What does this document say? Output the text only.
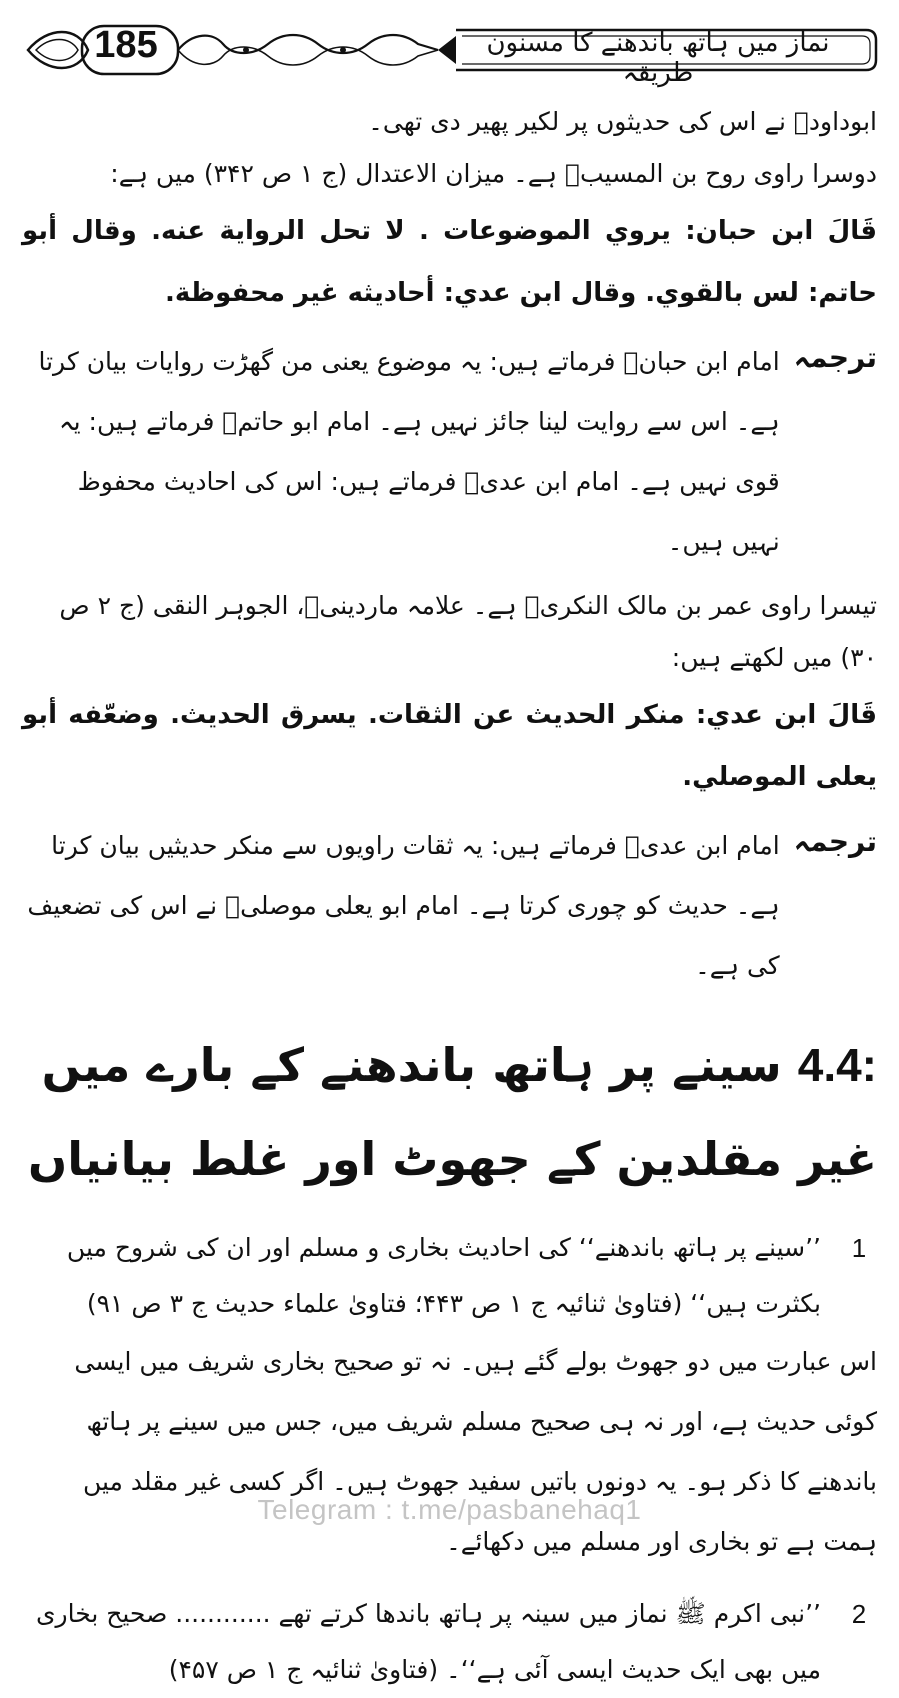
185	نماز میں ہاتھ باندھنے کا مسنون طریقہ
ابوداودؒ نے اس کی حدیثوں پر لکیر پھیر دی تھی۔
دوسرا راوی روح بن المسیبؒ ہے۔ میزان الاعتدال (ج ۱ ص ۳۴۲) میں ہے:
قَالَ ابن حبان: يروي الموضوعات . لا تحل الرواية عنه. وقال أبو حاتم: لس بالقوي. وقال ابن عدي: أحاديثه غير محفوظة.
ترجمہ
امام ابن حبانؒ فرماتے ہیں: یہ موضوع یعنی من گھڑت روایات بیان کرتا ہے۔ اس سے روایت لینا جائز نہیں ہے۔ امام ابو حاتمؒ فرماتے ہیں: یہ قوی نہیں ہے۔ امام ابن عدیؒ فرماتے ہیں: اس کی احادیث محفوظ نہیں ہیں۔
تیسرا راوی عمر بن مالک النکریؒ ہے۔ علامہ ماردینیؒ، الجوہر النقی (ج ۲ ص ۳۰) میں لکھتے ہیں:
قَالَ ابن عدي: منكر الحديث عن الثقات. يسرق الحديث. وضعّفه أبو يعلى الموصلي.
ترجمہ
امام ابن عدیؒ فرماتے ہیں: یہ ثقات راویوں سے منکر حدیثیں بیان کرتا ہے۔ حدیث کو چوری کرتا ہے۔ امام ابو یعلی موصلیؒ نے اس کی تضعیف کی ہے۔
4.4: سینے پر ہاتھ باندھنے کے بارے میں غیر مقلدین کے جھوٹ اور غلط بیانیاں
1
’’سینے پر ہاتھ باندھنے‘‘ کی احادیث بخاری و مسلم اور ان کی شروح میں بکثرت ہیں‘‘ (فتاویٰ ثنائیہ ج ۱ ص ۴۴۳؛ فتاویٰ علماء حدیث ج ۳ ص ۹۱)
اس عبارت میں دو جھوٹ بولے گئے ہیں۔ نہ تو صحیح بخاری شریف میں ایسی کوئی حدیث ہے، اور نہ ہی صحیح مسلم شریف میں، جس میں سینے پر ہاتھ باندھنے کا ذکر ہو۔ یہ دونوں باتیں سفید جھوٹ ہیں۔ اگر کسی غیر مقلد میں ہمت ہے تو بخاری اور مسلم میں دکھائے۔
2
’’نبی اکرم ﷺ نماز میں سینہ پر ہاتھ باندھا کرتے تھے ............ صحیح بخاری میں بھی ایک حدیث ایسی آئی ہے‘‘۔ (فتاویٰ ثنائیہ ج ۱ ص ۴۵۷)
Telegram : t.me/pasbanehaq1
